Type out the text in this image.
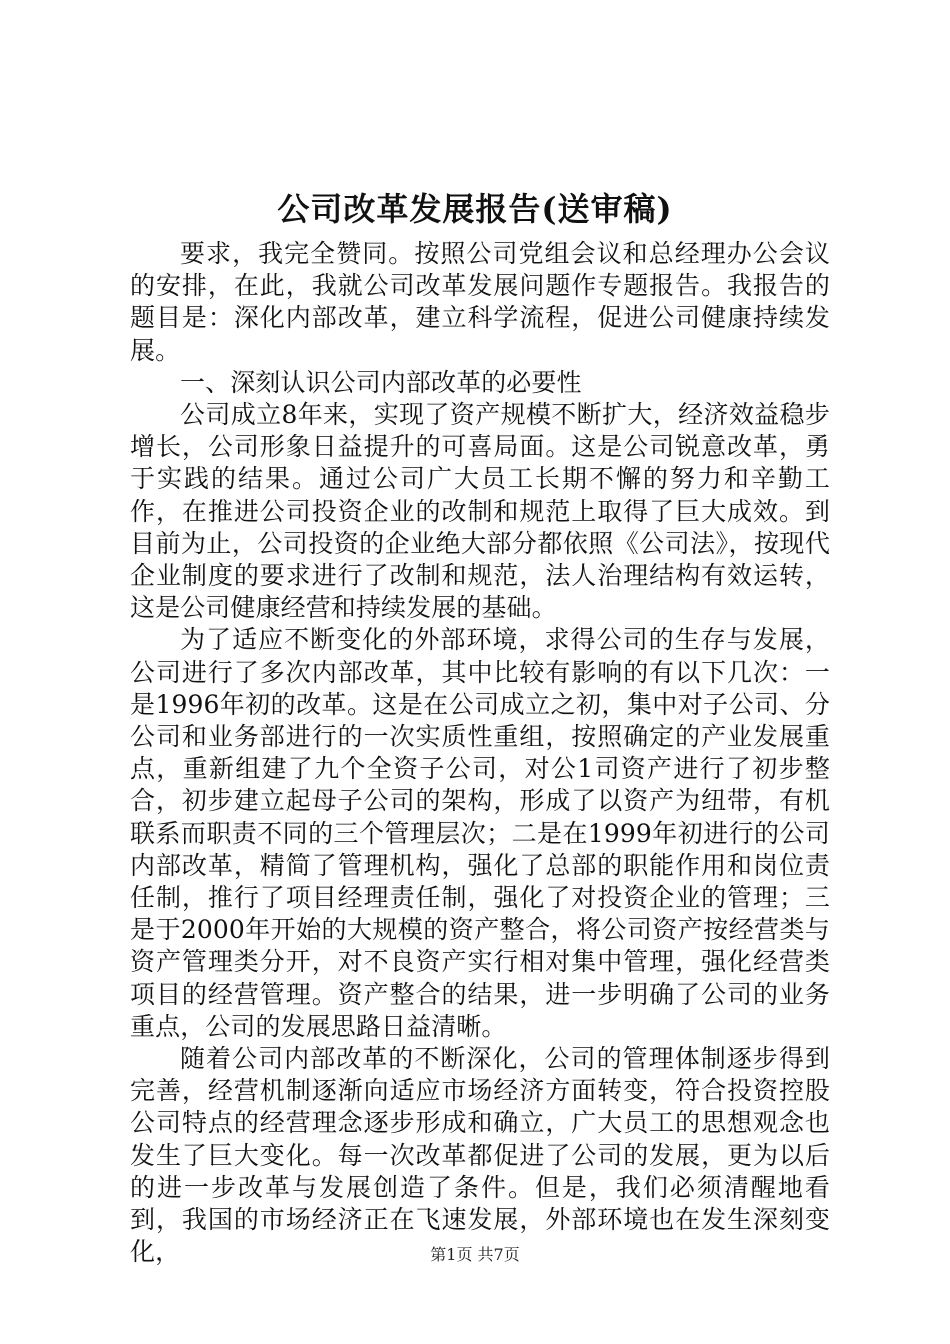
公司改革发展报告(送审稿)

要求，我完全赞同。按照公司党组会议和总经理办公会议的安排，在此，我就公司改革发展问题作专题报告。我报告的题目是：深化内部改革，建立科学流程，促进公司健康持续发展。

一、深刻认识公司内部改革的必要性

公司成立8年来，实现了资产规模不断扩大，经济效益稳步增长，公司形象日益提升的可喜局面。这是公司锐意改革，勇于实践的结果。通过公司广大员工长期不懈的努力和辛勤工作，在推进公司投资企业的改制和规范上取得了巨大成效。到目前为止，公司投资的企业绝大部分都依照《公司法》，按现代企业制度的要求进行了改制和规范，法人治理结构有效运转，这是公司健康经营和持续发展的基础。

为了适应不断变化的外部环境，求得公司的生存与发展，公司进行了多次内部改革，其中比较有影响的有以下几次：一是1996年初的改革。这是在公司成立之初，集中对子公司、分公司和业务部进行的一次实质性重组，按照确定的产业发展重点，重新组建了九个全资子公司，对公1司资产进行了初步整合，初步建立起母子公司的架构，形成了以资产为纽带，有机联系而职责不同的三个管理层次；二是在1999年初进行的公司内部改革，精简了管理机构，强化了总部的职能作用和岗位责任制，推行了项目经理责任制，强化了对投资企业的管理；三是于2000年开始的大规模的资产整合，将公司资产按经营类与资产管理类分开，对不良资产实行相对集中管理，强化经营类项目的经营管理。资产整合的结果，进一步明确了公司的业务重点，公司的发展思路日益清晰。

随着公司内部改革的不断深化，公司的管理体制逐步得到完善，经营机制逐渐向适应市场经济方面转变，符合投资控股公司特点的经营理念逐步形成和确立，广大员工的思想观念也发生了巨大变化。每一次改革都促进了公司的发展，更为以后的进一步改革与发展创造了条件。但是，我们必须清醒地看到，我国的市场经济正在飞速发展，外部环境也在发生深刻变化，	第1页 共7页
